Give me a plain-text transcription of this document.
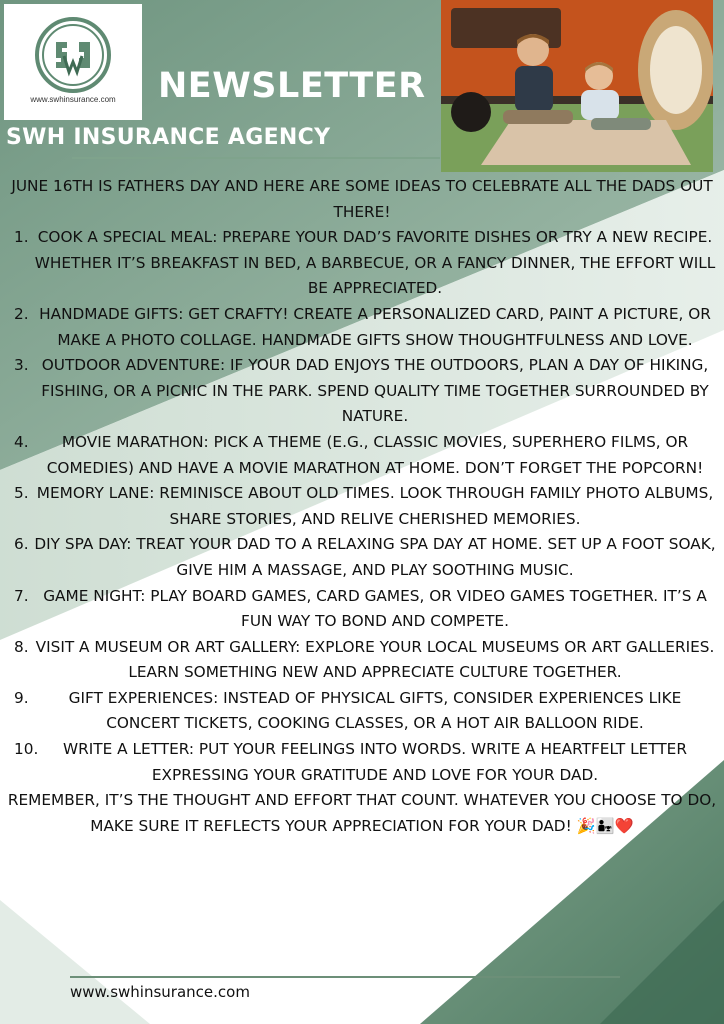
www.swhinsurance.com	NEWSLETTER
SWH INSURANCE AGENCY

JUNE 16TH IS FATHERS DAY AND HERE ARE SOME IDEAS TO CELEBRATE ALL THE DADS OUT THERE!

1. COOK A SPECIAL MEAL: PREPARE YOUR DAD’S FAVORITE DISHES OR TRY A NEW RECIPE. WHETHER IT’S BREAKFAST IN BED, A BARBECUE, OR A FANCY DINNER, THE EFFORT WILL BE APPRECIATED.
2. HANDMADE GIFTS: GET CRAFTY! CREATE A PERSONALIZED CARD, PAINT A PICTURE, OR MAKE A PHOTO COLLAGE. HANDMADE GIFTS SHOW THOUGHTFULNESS AND LOVE.
3. OUTDOOR ADVENTURE: IF YOUR DAD ENJOYS THE OUTDOORS, PLAN A DAY OF HIKING, FISHING, OR A PICNIC IN THE PARK. SPEND QUALITY TIME TOGETHER SURROUNDED BY NATURE.
4. MOVIE MARATHON: PICK A THEME (E.G., CLASSIC MOVIES, SUPERHERO FILMS, OR COMEDIES) AND HAVE A MOVIE MARATHON AT HOME. DON’T FORGET THE POPCORN!
5. MEMORY LANE: REMINISCE ABOUT OLD TIMES. LOOK THROUGH FAMILY PHOTO ALBUMS, SHARE STORIES, AND RELIVE CHERISHED MEMORIES.
6. DIY SPA DAY: TREAT YOUR DAD TO A RELAXING SPA DAY AT HOME. SET UP A FOOT SOAK, GIVE HIM A MASSAGE, AND PLAY SOOTHING MUSIC.
7. GAME NIGHT: PLAY BOARD GAMES, CARD GAMES, OR VIDEO GAMES TOGETHER. IT’S A FUN WAY TO BOND AND COMPETE.
8. VISIT A MUSEUM OR ART GALLERY: EXPLORE YOUR LOCAL MUSEUMS OR ART GALLERIES. LEARN SOMETHING NEW AND APPRECIATE CULTURE TOGETHER.
9.	GIFT EXPERIENCES: INSTEAD OF PHYSICAL GIFTS, CONSIDER EXPERIENCES LIKE CONCERT TICKETS, COOKING CLASSES, OR A HOT AIR BALLOON RIDE.
10. WRITE A LETTER: PUT YOUR FEELINGS INTO WORDS. WRITE A HEARTFELT LETTER EXPRESSING YOUR GRATITUDE AND LOVE FOR YOUR DAD.

REMEMBER, IT’S THE THOUGHT AND EFFORT THAT COUNT. WHATEVER YOU CHOOSE TO DO, MAKE SURE IT REFLECTS YOUR APPRECIATION FOR YOUR DAD! 🎉👨‍👧❤️

www.swhinsurance.com
